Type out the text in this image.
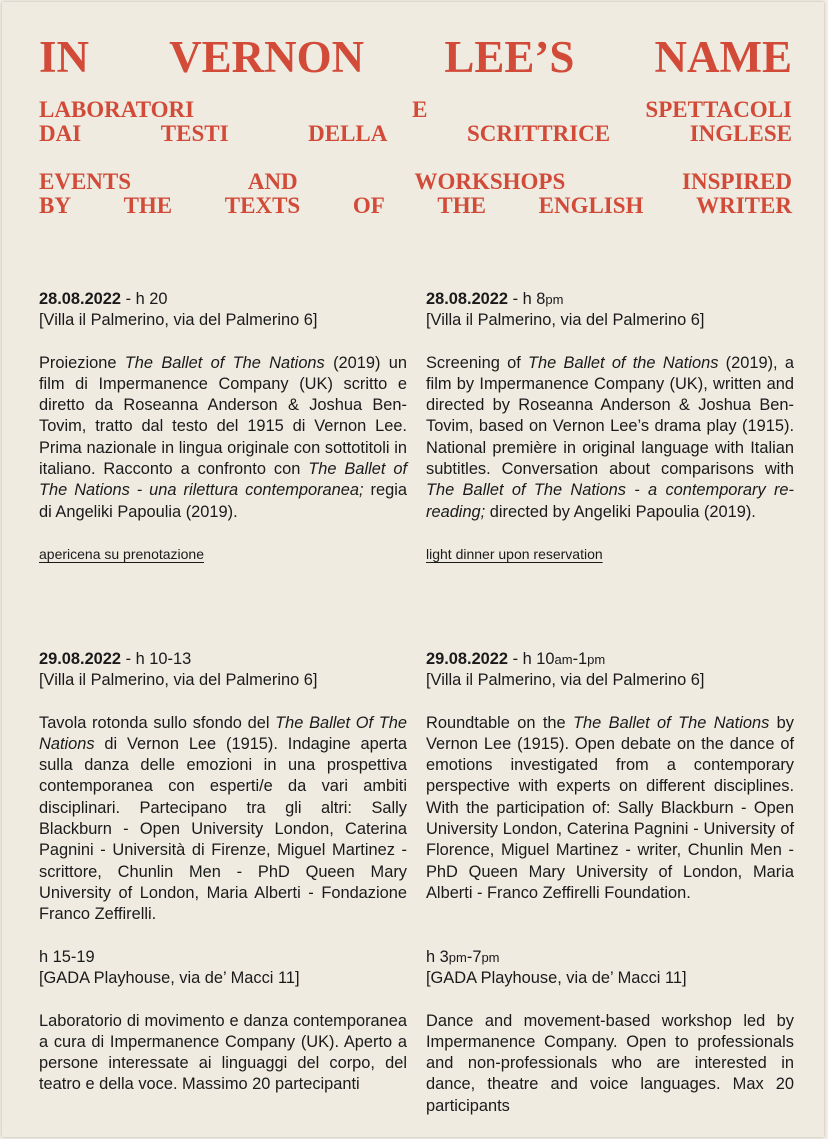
IN VERNON LEE’S NAME
LABORATORI	E	SPETTACOLI
DAI	TESTI	DELLA	SCRITTRICE	INGLESE
EVENTS	AND	WORKSHOPS	INSPIRED
BY THE TEXTS OF THE ENGLISH WRITER

28.08.2022 - h 20

[Villa il Palmerino, via del Palmerino 6]

Proiezione The Ballet of The Nations (2019) un film di Impermanence Company (UK) scritto e diretto da Roseanna Anderson & Joshua Ben-Tovim, tratto dal testo del 1915 di Vernon Lee. Prima nazionale in lingua originale con sottotitoli in italiano. Racconto a confronto con The Ballet of The Nations - una rilettura contemporanea; regia di Angeliki Papoulia (2019).

apericena su prenotazione

28.08.2022 - h 8pm

[Villa il Palmerino, via del Palmerino 6]

Screening of The Ballet of the Nations (2019), a film by Impermanence Company (UK), written and directed by Roseanna Anderson & Joshua Ben-Tovim, based on Vernon Lee’s drama play (1915). National première in original language with Italian subtitles. Conversation about comparisons with The Ballet of The Nations - a contemporary re-reading; directed by Angeliki Papoulia (2019).

light dinner upon reservation

29.08.2022 - h 10-13

[Villa il Palmerino, via del Palmerino 6]

Tavola rotonda sullo sfondo del The Ballet Of The Nations di Vernon Lee (1915). Indagine aperta sulla danza delle emozioni in una prospettiva contemporanea con esperti/e da vari ambiti disciplinari. Partecipano tra gli altri: Sally Blackburn - Open University London, Caterina Pagnini - Università di Firenze, Miguel Martinez - scrittore, Chunlin Men - PhD Queen Mary University of London, Maria Alberti - Fondazione Franco Zeffirelli.

29.08.2022 - h 10am-1pm

[Villa il Palmerino, via del Palmerino 6]

Roundtable on the The Ballet of The Nations by Vernon Lee (1915). Open debate on the dance of emotions investigated from a contemporary perspective with experts on different disciplines. With the participation of: Sally Blackburn - Open University London, Caterina Pagnini - University of Florence, Miguel Martinez - writer, Chunlin Men - PhD Queen Mary University of London, Maria Alberti - Franco Zeffirelli Foundation.

h 15-19

[GADA Playhouse, via de’ Macci 11]

Laboratorio di movimento e danza contemporanea a cura di Impermanence Company (UK). Aperto a persone interessate ai linguaggi del corpo, del teatro e della voce. Massimo 20 partecipanti

h 3pm-7pm

[GADA Playhouse, via de’ Macci 11]

Dance and movement-based workshop led by Impermanence Company. Open to professionals and non-professionals who are interested in dance, theatre and voice languages. Max 20 participants
